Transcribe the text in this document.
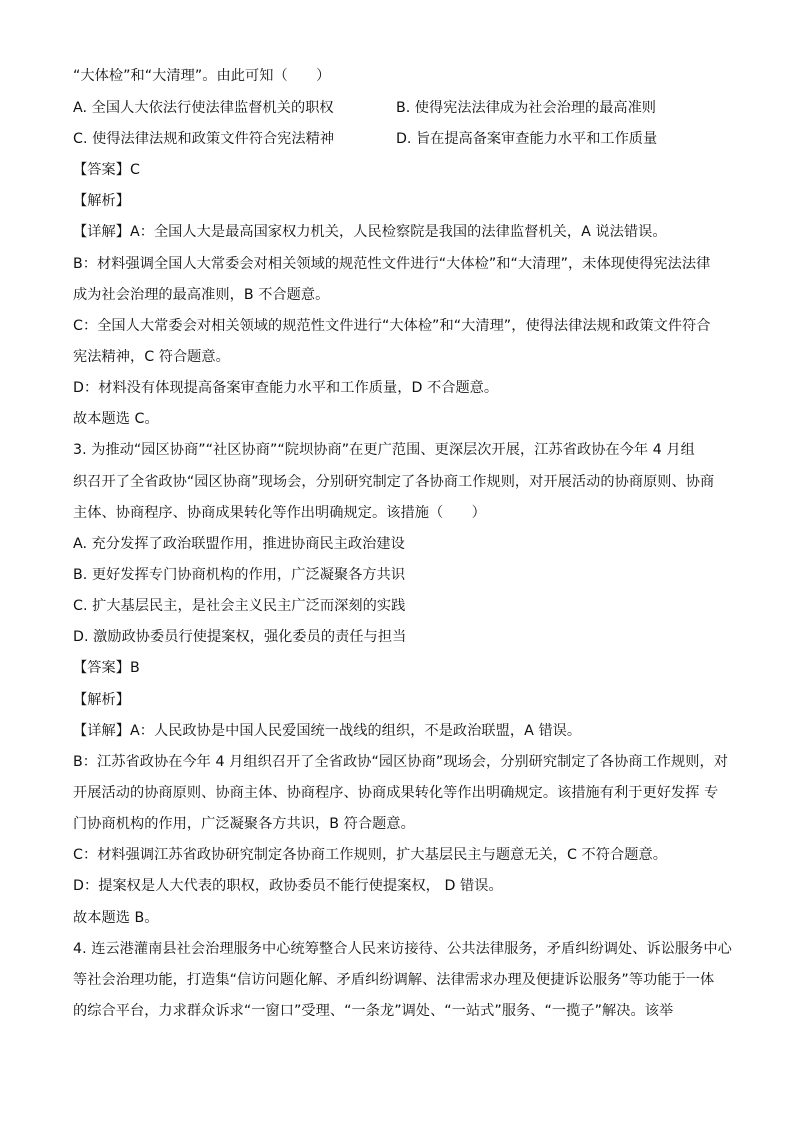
“大体检”和“大清理”。由此可知（　　）
A. 全国人大依法行使法律监督机关的职权	B. 使得宪法法律成为社会治理的最高准则
C. 使得法律法规和政策文件符合宪法精神	D. 旨在提高备案审查能力水平和工作质量
【答案】C
【解析】
【详解】A：全国人大是最高国家权力机关，人民检察院是我国的法律监督机关，A 说法错误。
B：材料强调全国人大常委会对相关领域的规范性文件进行“大体检”和“大清理”，未体现使得宪法法律
成为社会治理的最高准则，B 不合题意。
C：全国人大常委会对相关领域的规范性文件进行“大体检”和“大清理”，使得法律法规和政策文件符合
宪法精神，C 符合题意。
D：材料没有体现提高备案审查能力水平和工作质量，D 不合题意。
故本题选 C。
3. 为推动“园区协商”“社区协商”“院坝协商”在更广范围、更深层次开展，江苏省政协在今年 4 月组
织召开了全省政协“园区协商”现场会，分别研究制定了各协商工作规则，对开展活动的协商原则、协商
主体、协商程序、协商成果转化等作出明确规定。该措施（　　）
A. 充分发挥了政治联盟作用，推进协商民主政治建设
B. 更好发挥专门协商机构的作用，广泛凝聚各方共识
C. 扩大基层民主，是社会主义民主广泛而深刻的实践
D. 激励政协委员行使提案权，强化委员的责任与担当
【答案】B
【解析】
【详解】A：人民政协是中国人民爱国统一战线的组织，不是政治联盟，A 错误。
B：江苏省政协在今年 4 月组织召开了全省政协“园区协商”现场会，分别研究制定了各协商工作规则，对
开展活动的协商原则、协商主体、协商程序、协商成果转化等作出明确规定。该措施有利于更好发挥 专
门协商机构的作用，广泛凝聚各方共识，B 符合题意。
C：材料强调江苏省政协研究制定各协商工作规则，扩大基层民主与题意无关，C 不符合题意。
D：提案权是人大代表的职权，政协委员不能行使提案权， D 错误。
故本题选 B。
4. 连云港灌南县社会治理服务中心统筹整合人民来访接待、公共法律服务，矛盾纠纷调处、诉讼服务中心
等社会治理功能，打造集“信访问题化解、矛盾纠纷调解、法律需求办理及便捷诉讼服务”等功能于一体
的综合平台，力求群众诉求“一窗口”受理、“一条龙”调处、“一站式”服务、“一揽子”解决。该举
